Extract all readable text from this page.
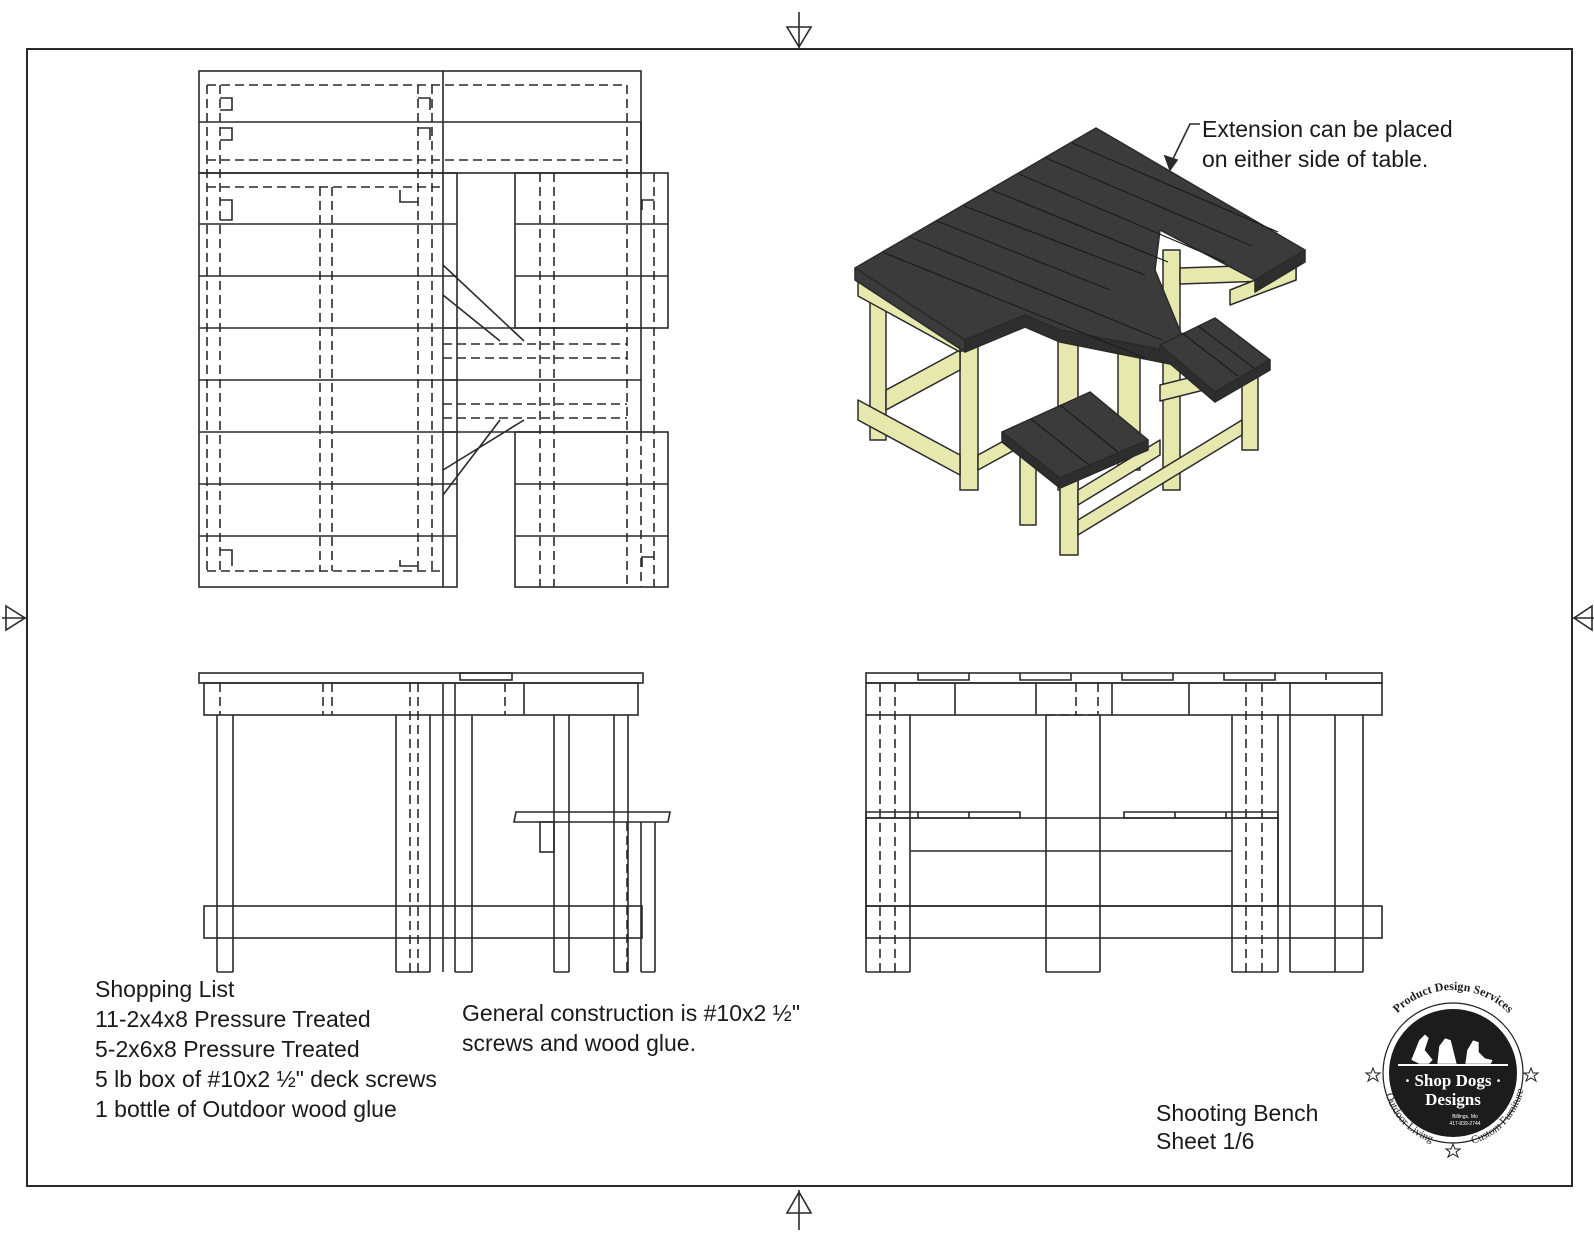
Extension can be placed
on either side of table.
Shopping List
11-2x4x8 Pressure Treated
5-2x6x8 Pressure Treated
5 lb box of #10x2 ½" deck screws
1 bottle of Outdoor wood glue
General construction is #10x2 ½"
screws and wood glue.
Shooting Bench
Sheet 1/6
Product Design Services
Outdoor Living	Custom Furniture
· Shop Dogs ·
Designs
Billings, Mo
417-839-2744
